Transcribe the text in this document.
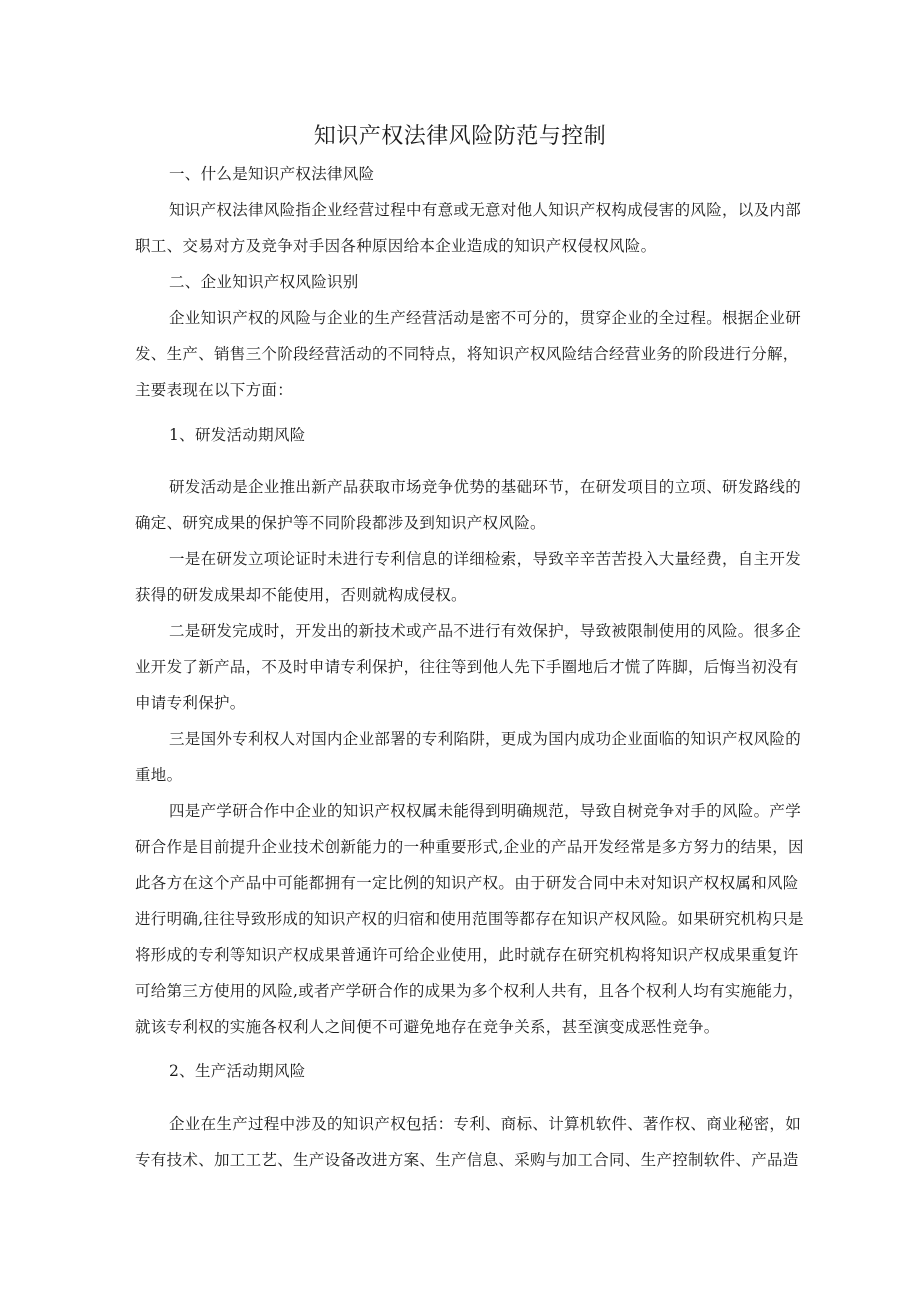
知识产权法律风险防范与控制
一、什么是知识产权法律风险
知识产权法律风险指企业经营过程中有意或无意对他人知识产权构成侵害的风险，以及内部
职工、交易对方及竞争对手因各种原因给本企业造成的知识产权侵权风险。
二、企业知识产权风险识别
企业知识产权的风险与企业的生产经营活动是密不可分的，贯穿企业的全过程。根据企业研
发、生产、销售三个阶段经营活动的不同特点，将知识产权风险结合经营业务的阶段进行分解，
主要表现在以下方面：
1、研发活动期风险
研发活动是企业推出新产品获取市场竞争优势的基础环节，在研发项目的立项、研发路线的
确定、研究成果的保护等不同阶段都涉及到知识产权风险。
一是在研发立项论证时未进行专利信息的详细检索，导致辛辛苦苦投入大量经费，自主开发
获得的研发成果却不能使用，否则就构成侵权。
二是研发完成时，开发出的新技术或产品不进行有效保护，导致被限制使用的风险。很多企
业开发了新产品，不及时申请专利保护，往往等到他人先下手圈地后才慌了阵脚，后悔当初没有
申请专利保护。
三是国外专利权人对国内企业部署的专利陷阱，更成为国内成功企业面临的知识产权风险的
重地。
四是产学研合作中企业的知识产权权属未能得到明确规范，导致自树竞争对手的风险。产学
研合作是目前提升企业技术创新能力的一种重要形式,企业的产品开发经常是多方努力的结果，因
此各方在这个产品中可能都拥有一定比例的知识产权。由于研发合同中未对知识产权权属和风险
进行明确,往往导致形成的知识产权的归宿和使用范围等都存在知识产权风险。如果研究机构只是
将形成的专利等知识产权成果普通许可给企业使用，此时就存在研究机构将知识产权成果重复许
可给第三方使用的风险,或者产学研合作的成果为多个权利人共有，且各个权利人均有实施能力，
就该专利权的实施各权利人之间便不可避免地存在竞争关系，甚至演变成恶性竞争。
2、生产活动期风险
企业在生产过程中涉及的知识产权包括：专利、商标、计算机软件、著作权、商业秘密，如
专有技术、加工工艺、生产设备改进方案、生产信息、采购与加工合同、生产控制软件、产品造
